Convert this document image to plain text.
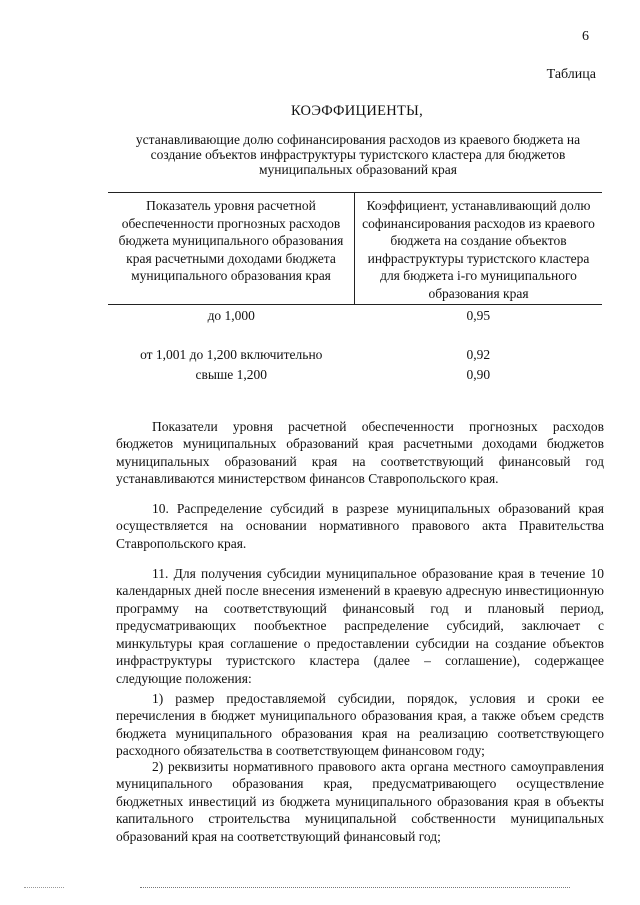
6
Таблица
КОЭФФИЦИЕНТЫ,
устанавливающие долю софинансирования расходов из краевого бюджета на создание объектов инфраструктуры туристского кластера для бюджетов муниципальных образований края
Показатель уровня расчетной обеспеченности прогнозных расходов бюджета муниципального образования края расчетными доходами бюджета муниципального образования края	Коэффициент, устанавливающий долю софинансирования расходов из краевого бюджета на создание объектов инфраструктуры туристского кластера для бюджета i-го муниципального образования края
до 1,000	0,95
от 1,001 до 1,200 включительно	0,92
свыше 1,200	0,90

Показатели уровня расчетной обеспеченности прогнозных расходов бюджетов муниципальных образований края расчетными доходами бюджетов муниципальных образований края на соответствующий финансовый год устанавливаются министерством финансов Ставропольского края.

10. Распределение субсидий в разрезе муниципальных образований края осуществляется на основании нормативного правового акта Правительства Ставропольского края.

11. Для получения субсидии муниципальное образование края в течение 10 календарных дней после внесения изменений в краевую адресную инвестиционную программу на соответствующий финансовый год и плановый период, предусматривающих пообъектное распределение субсидий, заключает с минкультуры края соглашение о предоставлении субсидии на создание объектов инфраструктуры туристского кластера (далее – соглашение), содержащее следующие положения:

1) размер предоставляемой субсидии, порядок, условия и сроки ее перечисления в бюджет муниципального образования края, а также объем средств бюджета муниципального образования края на реализацию соответствующего расходного обязательства в соответствующем финансовом году;

2) реквизиты нормативного правового акта органа местного самоуправления муниципального образования края, предусматривающего осуществление бюджетных инвестиций из бюджета муниципального образования края в объекты капитального строительства муниципальной собственности муниципальных образований края на соответствующий финансовый год;
